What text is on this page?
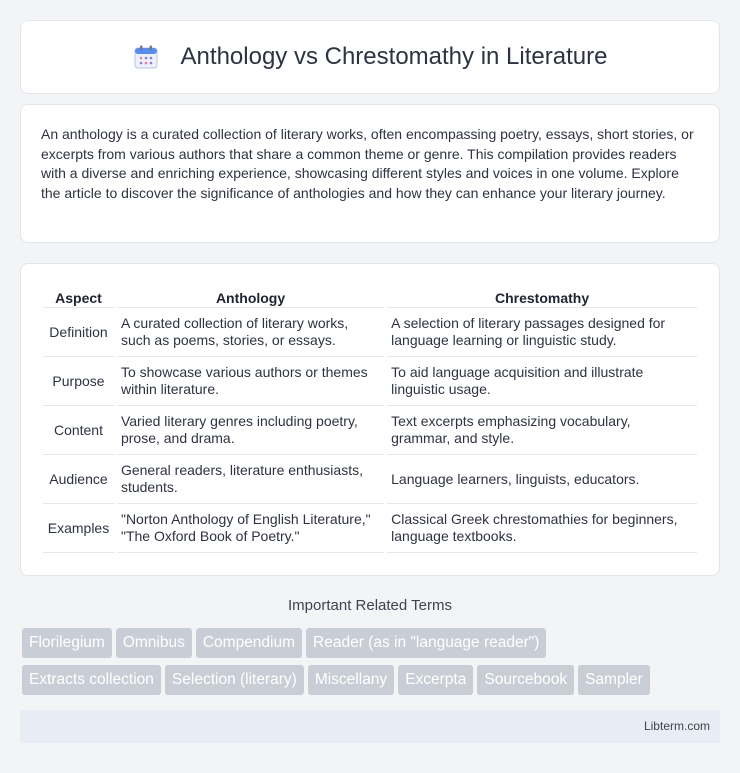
Anthology vs Chrestomathy in Literature

An anthology is a curated collection of literary works, often encompassing poetry, essays, short stories, or excerpts from various authors that share a common theme or genre. This compilation provides readers with a diverse and enriching experience, showcasing different styles and voices in one volume. Explore the article to discover the significance of anthologies and how they can enhance your literary journey.

Aspect	Anthology	Chrestomathy
Definition	A curated collection of literary works, such as poems, stories, or essays.	A selection of literary passages designed for language learning or linguistic study.
Purpose	To showcase various authors or themes within literature.	To aid language acquisition and illustrate linguistic usage.
Content	Varied literary genres including poetry, prose, and drama.	Text excerpts emphasizing vocabulary, grammar, and style.
Audience	General readers, literature enthusiasts, students.	Language learners, linguists, educators.
Examples	"Norton Anthology of English Literature," "The Oxford Book of Poetry."	Classical Greek chrestomathies for beginners, language textbooks.
Important Related Terms
Florilegium Omnibus Compendium Reader (as in "language reader")
Extracts collection Selection (literary) Miscellany Excerpta Sourcebook Sampler
Libterm.com
